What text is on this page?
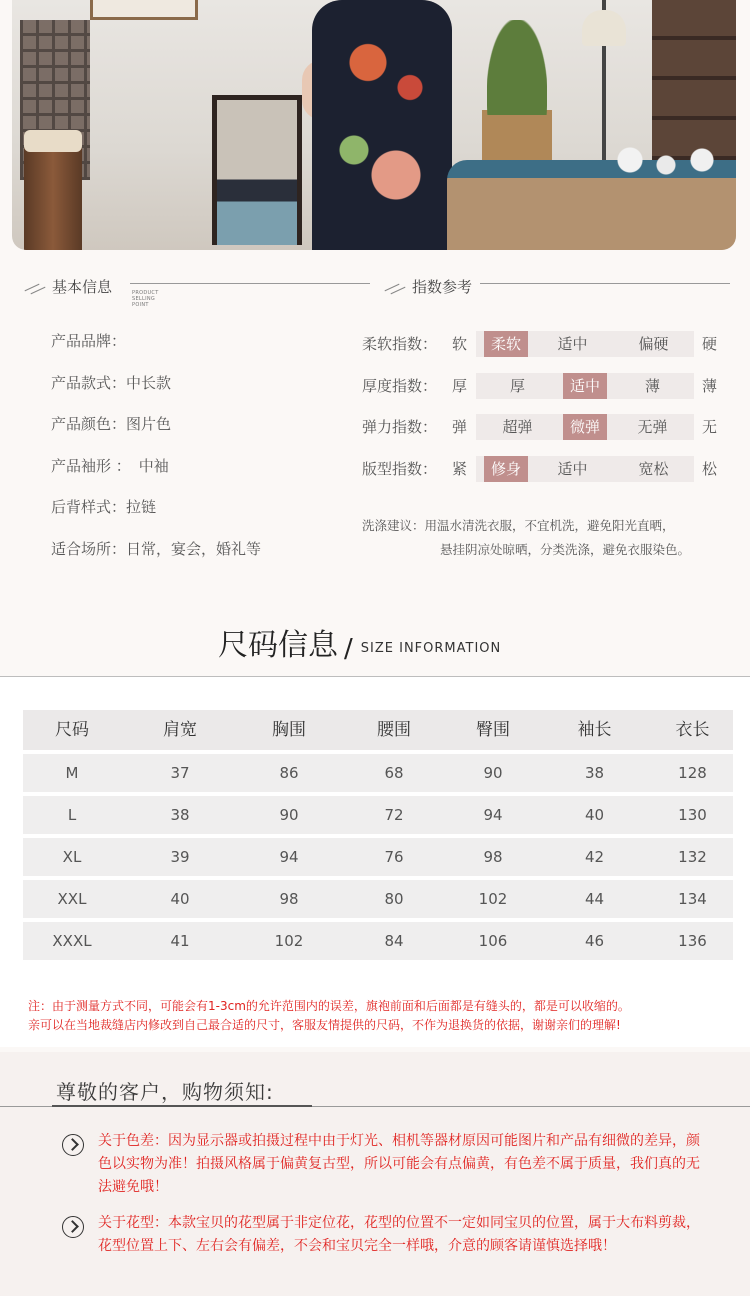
基本信息	PRODUCT SELLING POINT
指数参考
产品品牌：
产品款式： 中长款
产品颜色： 图片色
产品袖形 ： 中袖
后背样式： 拉链
适合场所： 日常，宴会，婚礼等
柔软指数： 软	硬
柔软	适中	偏硬
厚度指数： 厚	薄
厚	适中	薄
弹力指数： 弹	无
超弹	微弹	无弹
版型指数： 紧	松
修身	适中	宽松
洗涤建议：用温水清洗衣服，不宜机洗，避免阳光直晒，
悬挂阴凉处晾晒，分类洗涤，避免衣服染色。
尺码信息 / SIZE INFORMATION
尺码	肩宽	胸围	腰围	臀围	袖长	衣长
M	37	86	68	90	38	128
L	38	90	72	94	40	130
XL	39	94	76	98	42	132
XXL	40	98	80	102	44	134
XXXL	41	102	84	106	46	136
注：由于测量方式不同，可能会有1-3cm的允许范围内的误差，旗袍前面和后面都是有缝头的，都是可以收缩的。
亲可以在当地裁缝店内修改到自己最合适的尺寸，客服友情提供的尺码，不作为退换货的依据，谢谢亲们的理解!
尊敬的客户，购物须知:
关于色差：因为显示器或拍摄过程中由于灯光、相机等器材原因可能图片和产品有细微的差异，颜色以实物为准！拍摄风格属于偏黄复古型，所以可能会有点偏黄，有色差不属于质量，我们真的无法避免哦！
关于花型：本款宝贝的花型属于非定位花，花型的位置不一定如同宝贝的位置，属于大布料剪裁，花型位置上下、左右会有偏差，不会和宝贝完全一样哦，介意的顾客请谨慎选择哦！
